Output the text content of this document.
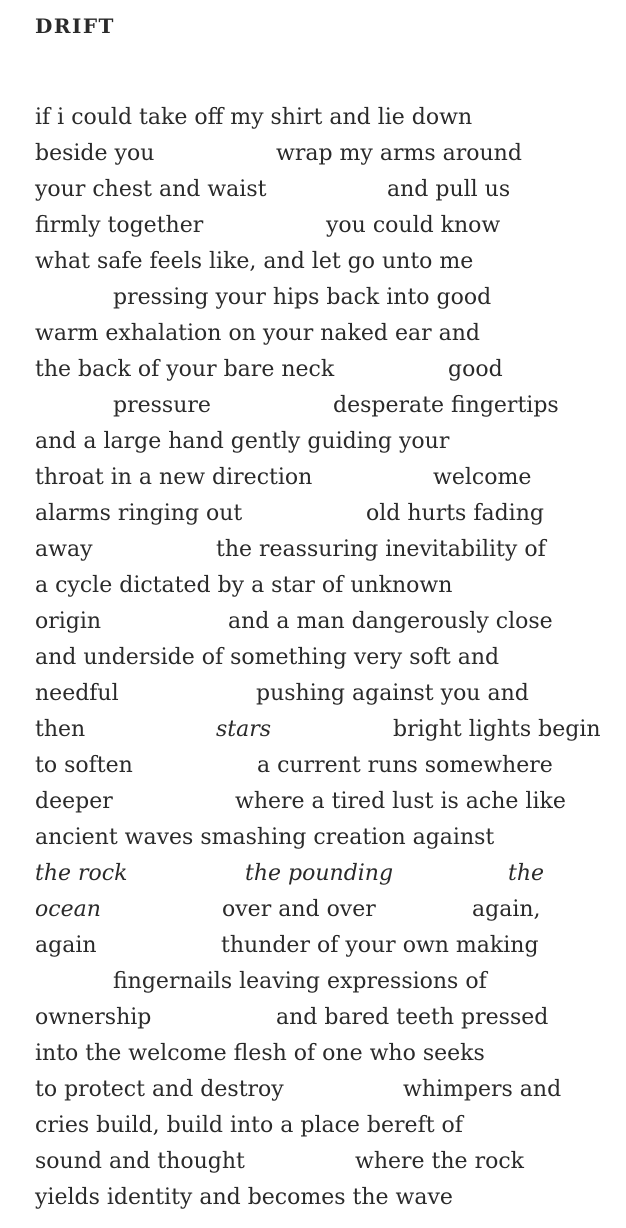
DRIFT
if i could take off my shirt and lie down
beside you	wrap my arms around
your chest and waist	and pull us
firmly together	you could know
what safe feels like, and let go unto me
pressing your hips back into good
warm exhalation on your naked ear and
the back of your bare neck	good
pressure	desperate fingertips
and a large hand gently guiding your
throat in a new direction	welcome
alarms ringing out	old hurts fading
away	the reassuring inevitability of
a cycle dictated by a star of unknown
origin	and a man dangerously close
and underside of something very soft and
needful	pushing against you and
then	stars	bright lights begin
to soften	a current runs somewhere
deeper	where a tired lust is ache like
ancient waves smashing creation against
the rock	the pounding	the
ocean	over and over	again,
again	thunder of your own making
fingernails leaving expressions of
ownership	and bared teeth pressed
into the welcome flesh of one who seeks
to protect and destroy	whimpers and
cries build, build into a place bereft of
sound and thought	where the rock
yields identity and becomes the wave
